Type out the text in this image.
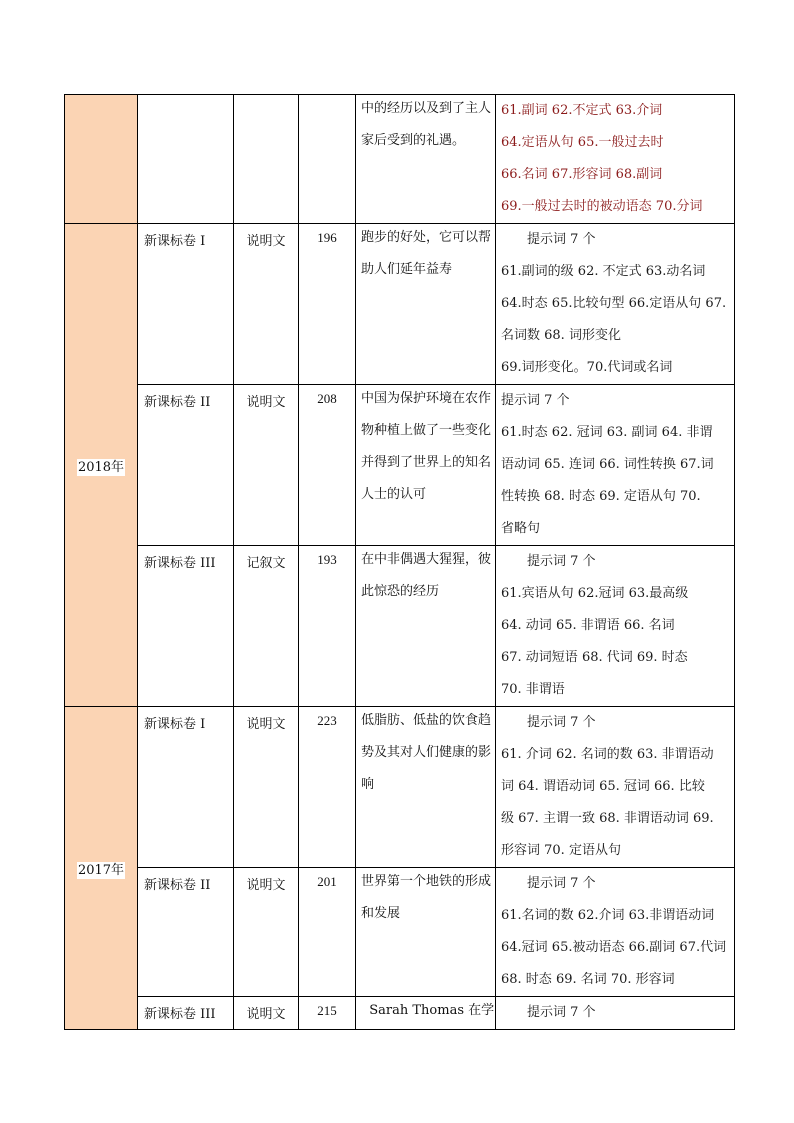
				中的经历以及到了主人家后受到的礼遇。	61.副词 62.不定式 63.介词
64.定语从句 65.一般过去时
66.名词 67.形容词 68.副词
69.一般过去时的被动语态 70.分词

2018年	新课标卷 I	说明文	196	跑步的好处，它可以帮助人们延年益寿	提示词 7 个
61.副词的级 62. 不定式 63.动名词
64.时态 65.比较句型 66.定语从句 67.
名词数 68. 词形变化
69.词形变化。70.代词或名词

	新课标卷 II	说明文	208	中国为保护环境在农作物种植上做了一些变化并得到了世界上的知名人士的认可	提示词 7 个
61.时态 62. 冠词 63. 副词 64. 非谓
语动词 65. 连词 66. 词性转换 67.词
性转换 68. 时态 69. 定语从句 70.
省略句

	新课标卷 III	记叙文	193	在中非偶遇大猩猩，彼此惊恐的经历	提示词 7 个
61.宾语从句 62.冠词 63.最高级
64. 动词 65. 非谓语 66. 名词
67. 动词短语 68. 代词 69. 时态
70. 非谓语

2017年	新课标卷 I	说明文	223	低脂肪、低盐的饮食趋势及其对人们健康的影响	提示词 7 个
61. 介词 62. 名词的数 63. 非谓语动
词 64. 谓语动词 65. 冠词 66. 比较
级 67. 主谓一致 68. 非谓语动词 69.
形容词 70. 定语从句

	新课标卷 II	说明文	201	世界第一个地铁的形成和发展	提示词 7 个
61.名词的数 62.介词 63.非谓语动词
64.冠词 65.被动语态 66.副词 67.代词
68. 时态 69. 名词 70. 形容词

	新课标卷 III	说明文	215	Sarah Thomas 在学	提示词 7 个
